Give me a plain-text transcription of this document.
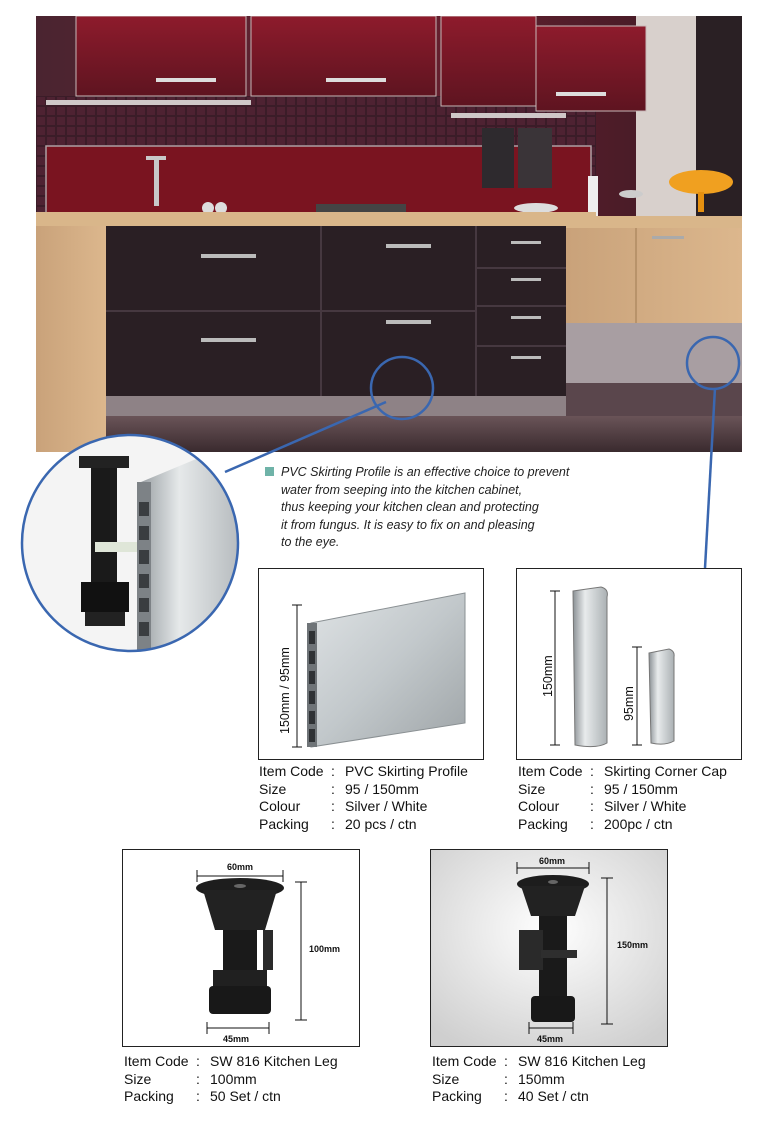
PVC Skirting Profile is an effective choice to prevent
water from seeping into the kitchen cabinet,
thus keeping your kitchen clean and protecting
it from fungus. It is easy to fix on and pleasing
to the eye.
150mm / 95mm
Item Code : PVC Skirting Profile
Size	: 95 / 150mm
Colour	: Silver / White
Packing	: 20 pcs / ctn
150mm
95mm
Item Code : Skirting Corner Cap
Size	: 95 / 150mm
Colour	: Silver / White
Packing	: 200pc / ctn
60mm
100mm
45mm
Item Code : SW 816 Kitchen Leg
Size	: 100mm
Packing	: 50 Set / ctn
60mm
150mm
45mm
Item Code : SW 816 Kitchen Leg
Size	: 150mm
Packing	: 40 Set / ctn
